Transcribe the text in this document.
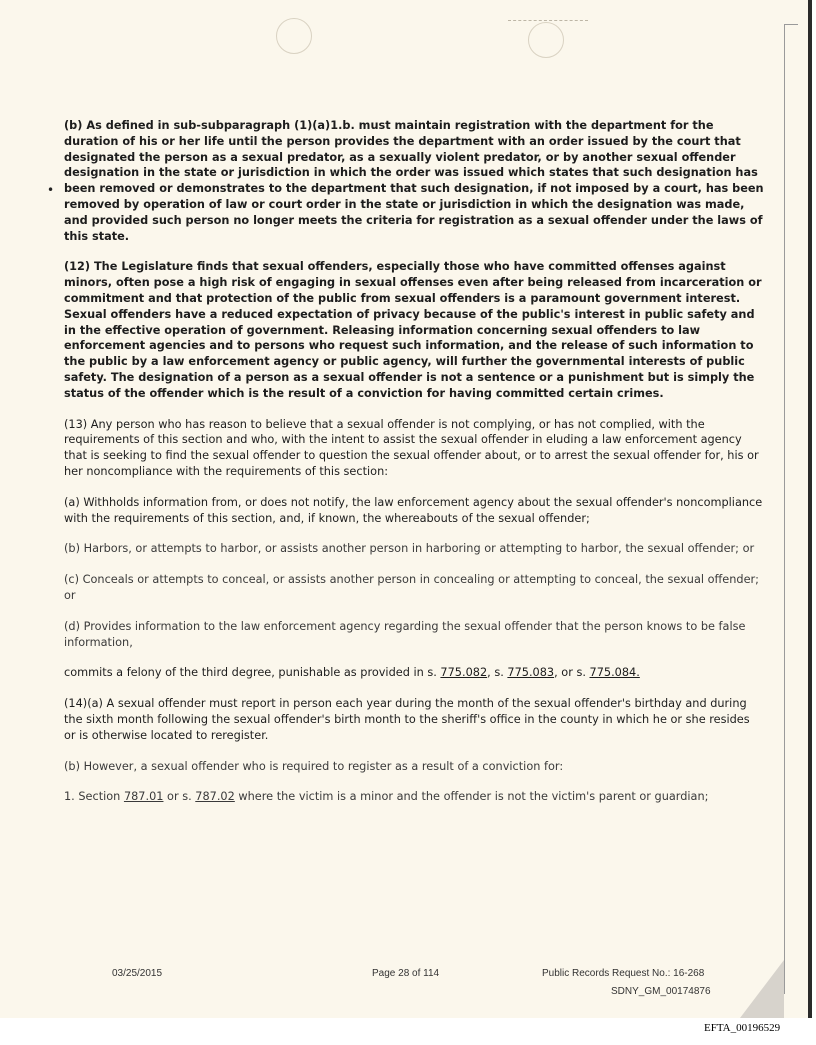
•

(b) As defined in sub-subparagraph (1)(a)1.b. must maintain registration with the department for the duration of his or her life until the person provides the department with an order issued by the court that designated the person as a sexual predator, as a sexually violent predator, or by another sexual offender designation in the state or jurisdiction in which the order was issued which states that such designation has been removed or demonstrates to the department that such designation, if not imposed by a court, has been removed by operation of law or court order in the state or jurisdiction in which the designation was made, and provided such person no longer meets the criteria for registration as a sexual offender under the laws of this state.

(12) The Legislature finds that sexual offenders, especially those who have committed offenses against minors, often pose a high risk of engaging in sexual offenses even after being released from incarceration or commitment and that protection of the public from sexual offenders is a paramount government interest. Sexual offenders have a reduced expectation of privacy because of the public's interest in public safety and in the effective operation of government. Releasing information concerning sexual offenders to law enforcement agencies and to persons who request such information, and the release of such information to the public by a law enforcement agency or public agency, will further the governmental interests of public safety. The designation of a person as a sexual offender is not a sentence or a punishment but is simply the status of the offender which is the result of a conviction for having committed certain crimes.

(13) Any person who has reason to believe that a sexual offender is not complying, or has not complied, with the requirements of this section and who, with the intent to assist the sexual offender in eluding a law enforcement agency that is seeking to find the sexual offender to question the sexual offender about, or to arrest the sexual offender for, his or her noncompliance with the requirements of this section:

(a) Withholds information from, or does not notify, the law enforcement agency about the sexual offender's noncompliance with the requirements of this section, and, if known, the whereabouts of the sexual offender;

(b) Harbors, or attempts to harbor, or assists another person in harboring or attempting to harbor, the sexual offender; or

(c) Conceals or attempts to conceal, or assists another person in concealing or attempting to conceal, the sexual offender; or

(d) Provides information to the law enforcement agency regarding the sexual offender that the person knows to be false information,

commits a felony of the third degree, punishable as provided in s. 775.082, s. 775.083, or s. 775.084.

(14)(a) A sexual offender must report in person each year during the month of the sexual offender's birthday and during the sixth month following the sexual offender's birth month to the sheriff's office in the county in which he or she resides or is otherwise located to reregister.

(b) However, a sexual offender who is required to register as a result of a conviction for:

1. Section 787.01 or s. 787.02 where the victim is a minor and the offender is not the victim's parent or guardian;

03/25/2015	Page 28 of 114	Public Records Request No.: 16-268
SDNY_GM_00174876
EFTA_00196529
